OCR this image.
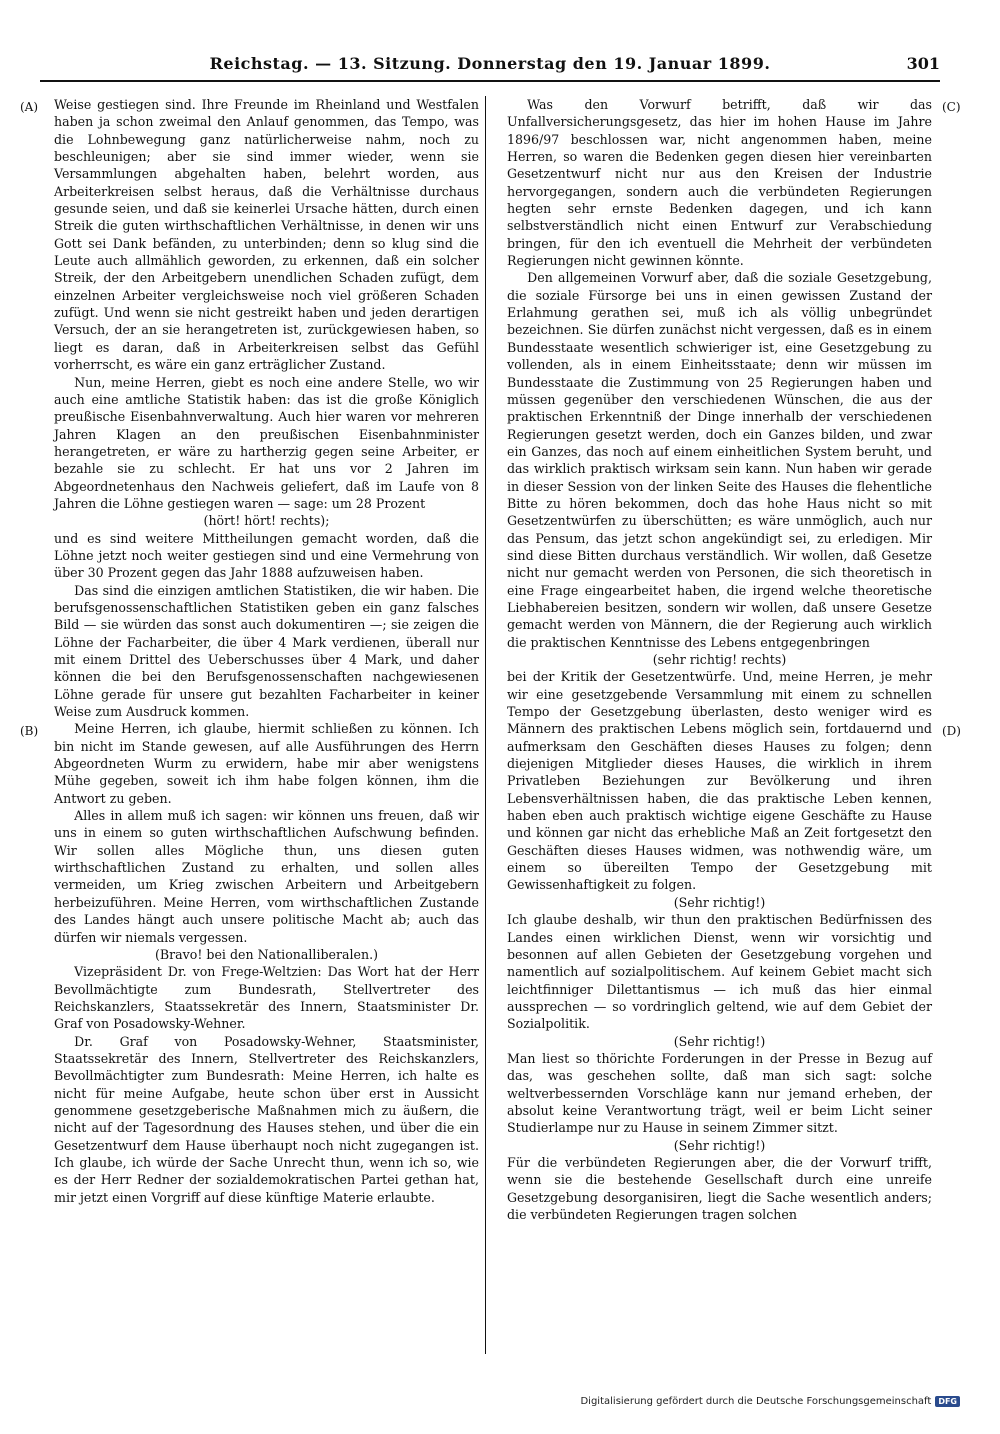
Reichstag. — 13. Sitzung. Donnerstag den 19. Januar 1899.	301
(A)
(B)
(C)
(D)

Weise gestiegen sind. Ihre Freunde im Rheinland und Westfalen haben ja schon zweimal den Anlauf genommen, das Tempo, was die Lohnbewegung ganz natürlicherweise nahm, noch zu beschleunigen; aber sie sind immer wieder, wenn sie Versammlungen abgehalten haben, belehrt worden, aus Arbeiterkreisen selbst heraus, daß die Verhältnisse durchaus gesunde seien, und daß sie keinerlei Ursache hätten, durch einen Streik die guten wirthschaftlichen Verhältnisse, in denen wir uns Gott sei Dank befänden, zu unterbinden; denn so klug sind die Leute auch allmählich geworden, zu erkennen, daß ein solcher Streik, der den Arbeitgebern unendlichen Schaden zufügt, dem einzelnen Arbeiter vergleichsweise noch viel größeren Schaden zufügt. Und wenn sie nicht gestreikt haben und jeden derartigen Versuch, der an sie herangetreten ist, zurückgewiesen haben, so liegt es daran, daß in Arbeiterkreisen selbst das Gefühl vorherrscht, es wäre ein ganz erträglicher Zustand.

Nun, meine Herren, giebt es noch eine andere Stelle, wo wir auch eine amtliche Statistik haben: das ist die große Königlich preußische Eisenbahnverwaltung. Auch hier waren vor mehreren Jahren Klagen an den preußischen Eisenbahnminister herangetreten, er wäre zu hartherzig gegen seine Arbeiter, er bezahle sie zu schlecht. Er hat uns vor 2 Jahren im Abgeordnetenhaus den Nachweis geliefert, daß im Laufe von 8 Jahren die Löhne gestiegen waren — sage: um 28 Prozent

(hört! hört! rechts);

und es sind weitere Mittheilungen gemacht worden, daß die Löhne jetzt noch weiter gestiegen sind und eine Vermehrung von über 30 Prozent gegen das Jahr 1888 aufzuweisen haben.

Das sind die einzigen amtlichen Statistiken, die wir haben. Die berufsgenossenschaftlichen Statistiken geben ein ganz falsches Bild — sie würden das sonst auch dokumentiren —; sie zeigen die Löhne der Facharbeiter, die über 4 Mark verdienen, überall nur mit einem Drittel des Ueberschusses über 4 Mark, und daher können die bei den Berufsgenossenschaften nachgewiesenen Löhne gerade für unsere gut bezahlten Facharbeiter in keiner Weise zum Ausdruck kommen.

Meine Herren, ich glaube, hiermit schließen zu können. Ich bin nicht im Stande gewesen, auf alle Ausführungen des Herrn Abgeordneten Wurm zu erwidern, habe mir aber wenigstens Mühe gegeben, soweit ich ihm habe folgen können, ihm die Antwort zu geben.

Alles in allem muß ich sagen: wir können uns freuen, daß wir uns in einem so guten wirthschaftlichen Aufschwung befinden. Wir sollen alles Mögliche thun, uns diesen guten wirthschaftlichen Zustand zu erhalten, und sollen alles vermeiden, um Krieg zwischen Arbeitern und Arbeitgebern herbeizuführen. Meine Herren, vom wirthschaftlichen Zustande des Landes hängt auch unsere politische Macht ab; auch das dürfen wir niemals vergessen.

(Bravo! bei den Nationalliberalen.)

Vizepräsident Dr. von Frege-Weltzien: Das Wort hat der Herr Bevollmächtigte zum Bundesrath, Stellvertreter des Reichskanzlers, Staatssekretär des Innern, Staatsminister Dr. Graf von Posadowsky-Wehner.

Dr. Graf von Posadowsky-Wehner, Staatsminister, Staatssekretär des Innern, Stellvertreter des Reichskanzlers, Bevollmächtigter zum Bundesrath: Meine Herren, ich halte es nicht für meine Aufgabe, heute schon über erst in Aussicht genommene gesetzgeberische Maßnahmen mich zu äußern, die nicht auf der Tagesordnung des Hauses stehen, und über die ein Gesetzentwurf dem Hause überhaupt noch nicht zugegangen ist. Ich glaube, ich würde der Sache Unrecht thun, wenn ich so, wie es der Herr Redner der sozialdemokratischen Partei gethan hat, mir jetzt einen Vorgriff auf diese künftige Materie erlaubte.

Was den Vorwurf betrifft, daß wir das Unfallversicherungsgesetz, das hier im hohen Hause im Jahre 1896/97 beschlossen war, nicht angenommen haben, meine Herren, so waren die Bedenken gegen diesen hier vereinbarten Gesetzentwurf nicht nur aus den Kreisen der Industrie hervorgegangen, sondern auch die verbündeten Regierungen hegten sehr ernste Bedenken dagegen, und ich kann selbstverständlich nicht einen Entwurf zur Verabschiedung bringen, für den ich eventuell die Mehrheit der verbündeten Regierungen nicht gewinnen könnte.

Den allgemeinen Vorwurf aber, daß die soziale Gesetzgebung, die soziale Fürsorge bei uns in einen gewissen Zustand der Erlahmung gerathen sei, muß ich als völlig unbegründet bezeichnen. Sie dürfen zunächst nicht vergessen, daß es in einem Bundesstaate wesentlich schwieriger ist, eine Gesetzgebung zu vollenden, als in einem Einheitsstaate; denn wir müssen im Bundesstaate die Zustimmung von 25 Regierungen haben und müssen gegenüber den verschiedenen Wünschen, die aus der praktischen Erkenntniß der Dinge innerhalb der verschiedenen Regierungen gesetzt werden, doch ein Ganzes bilden, und zwar ein Ganzes, das noch auf einem einheitlichen System beruht, und das wirklich praktisch wirksam sein kann. Nun haben wir gerade in dieser Session von der linken Seite des Hauses die flehentliche Bitte zu hören bekommen, doch das hohe Haus nicht so mit Gesetzentwürfen zu überschütten; es wäre unmöglich, auch nur das Pensum, das jetzt schon angekündigt sei, zu erledigen. Mir sind diese Bitten durchaus verständlich. Wir wollen, daß Gesetze nicht nur gemacht werden von Personen, die sich theoretisch in eine Frage eingearbeitet haben, die irgend welche theoretische Liebhabereien besitzen, sondern wir wollen, daß unsere Gesetze gemacht werden von Männern, die der Regierung auch wirklich die praktischen Kenntnisse des Lebens entgegenbringen

(sehr richtig! rechts)

bei der Kritik der Gesetzentwürfe. Und, meine Herren, je mehr wir eine gesetzgebende Versammlung mit einem zu schnellen Tempo der Gesetzgebung überlasten, desto weniger wird es Männern des praktischen Lebens möglich sein, fortdauernd und aufmerksam den Geschäften dieses Hauses zu folgen; denn diejenigen Mitglieder dieses Hauses, die wirklich in ihrem Privatleben Beziehungen zur Bevölkerung und ihren Lebensverhältnissen haben, die das praktische Leben kennen, haben eben auch praktisch wichtige eigene Geschäfte zu Hause und können gar nicht das erhebliche Maß an Zeit fortgesetzt den Geschäften dieses Hauses widmen, was nothwendig wäre, um einem so übereilten Tempo der Gesetzgebung mit Gewissenhaftigkeit zu folgen.

(Sehr richtig!)

Ich glaube deshalb, wir thun den praktischen Bedürfnissen des Landes einen wirklichen Dienst, wenn wir vorsichtig und besonnen auf allen Gebieten der Gesetzgebung vorgehen und namentlich auf sozialpolitischem. Auf keinem Gebiet macht sich leichtfinniger Dilettantismus — ich muß das hier einmal aussprechen — so vordringlich geltend, wie auf dem Gebiet der Sozialpolitik.

(Sehr richtig!)

Man liest so thörichte Forderungen in der Presse in Bezug auf das, was geschehen sollte, daß man sich sagt: solche weltverbessernden Vorschläge kann nur jemand erheben, der absolut keine Verantwortung trägt, weil er beim Licht seiner Studierlampe nur zu Hause in seinem Zimmer sitzt.

(Sehr richtig!)

Für die verbündeten Regierungen aber, die der Vorwurf trifft, wenn sie die bestehende Gesellschaft durch eine unreife Gesetzgebung desorganisiren, liegt die Sache wesentlich anders; die verbündeten Regierungen tragen solchen

Digitalisierung gefördert durch die Deutsche Forschungsgemeinschaft DFG
